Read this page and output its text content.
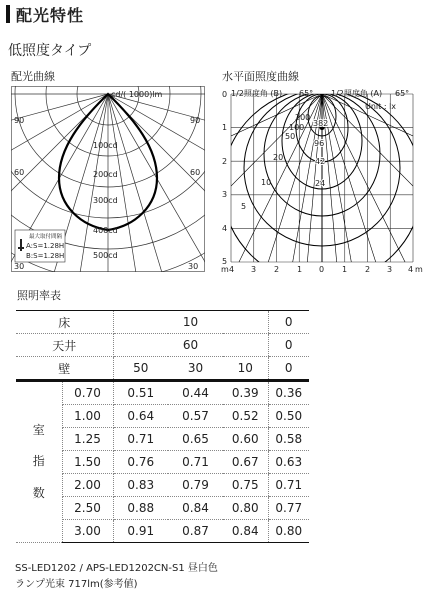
配光特性
低照度タイプ
配光曲線
cd/( 1000)lm
90	90
60	60
30	30
100cd
200cd
300cd
400cd
500cd
最大取付間隔
A:S=1.28H
B:S=1.28H
水平面照度曲線
1/2照度角 (B) 65° 1/2照度角 (A) 65°
Unit : lx
0
1
2
3
4
5
m 4 3 2 1 0 1 2 3 4 m
200
100
50
20
10
5
382
96
42
24
照明率表
床		10			0
天井		60			0
壁		50	30	10	0
室
指
数	0.70	0.51	0.44	0.39	0.36
	1.00	0.64	0.57	0.52	0.50
	1.25	0.71	0.65	0.60	0.58
	1.50	0.76	0.71	0.67	0.63
	2.00	0.83	0.79	0.75	0.71
	2.50	0.88	0.84	0.80	0.77
	3.00	0.91	0.87	0.84	0.80
SS-LED1202 / APS-LED1202CN-S1 昼白色
ランプ光束 717lm(参考値)
